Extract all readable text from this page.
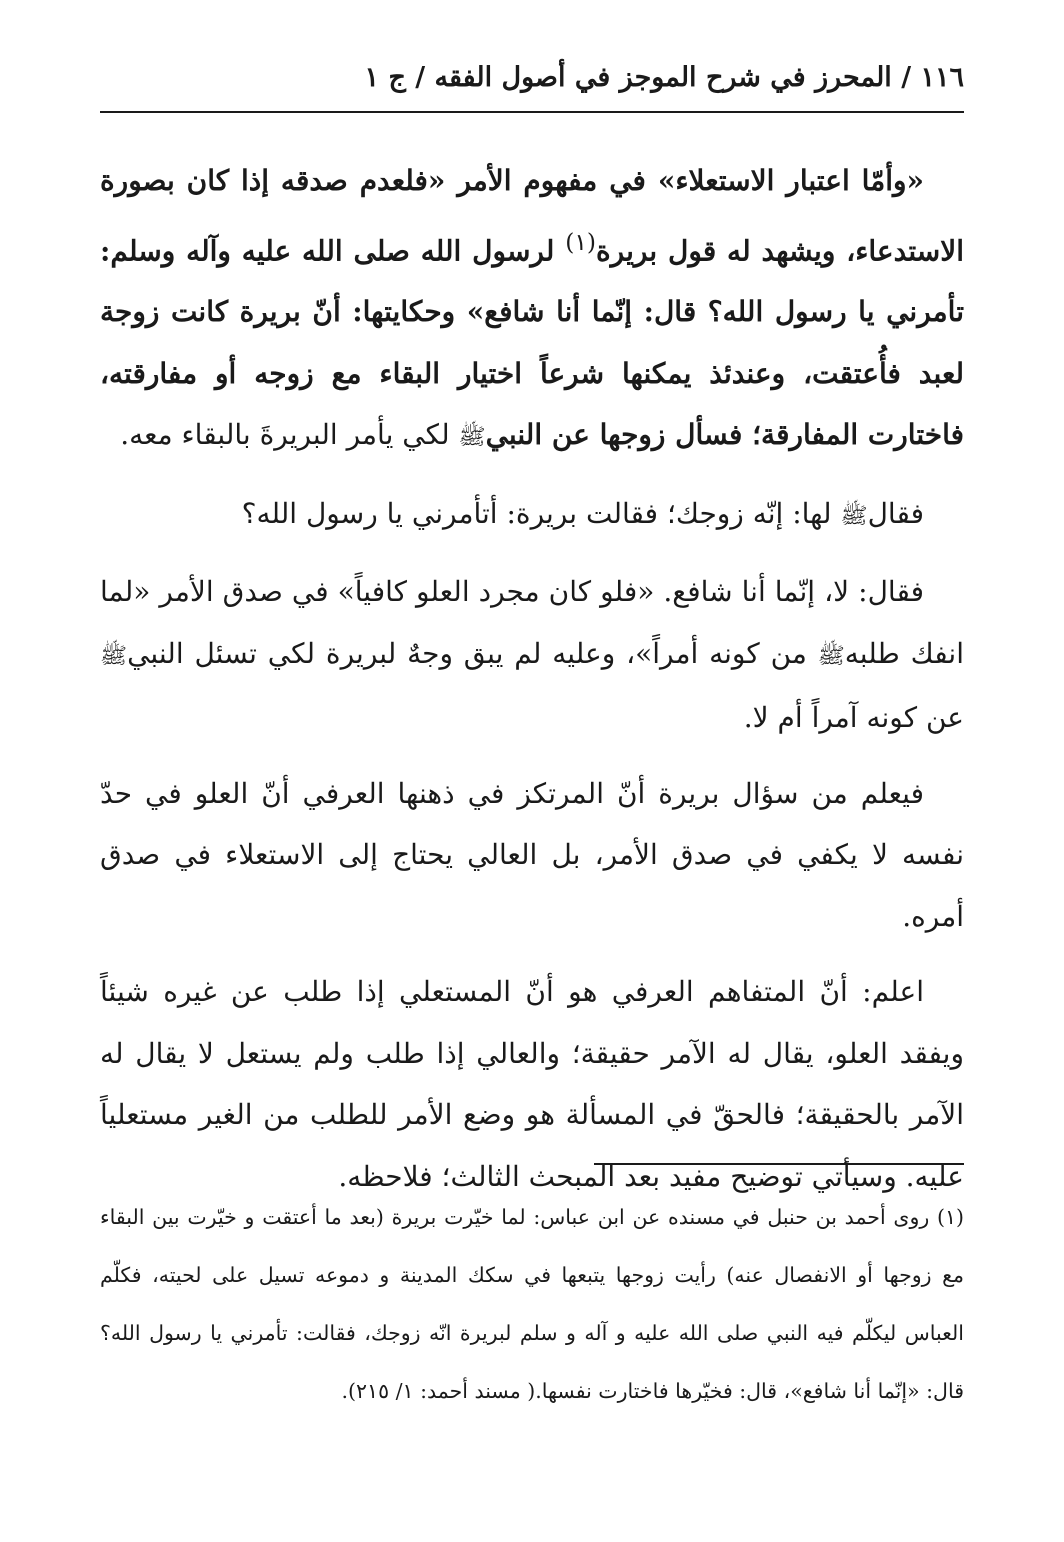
١١٦ / المحرز في شرح الموجز في أصول الفقه / ج ١

«وأمّا اعتبار الاستعلاء» في مفهوم الأمر «فلعدم صدقه إذا كان بصورة الاستدعاء، ويشهد له قول بريرة$^{(١)}$ لرسول الله صلى الله عليه وآله وسلم: تأمرني يا رسول الله؟ قال: إنّما أنا شافع» وحكايتها: أنّ بريرة كانت زوجة لعبد فأُعتقت، وعندئذ يمكنها شرعاً اختيار البقاء مع زوجه أو مفارقته، فاختارت المفارقة؛ فسأل زوجها عن النبيﷺ لكي يأمر البريرةَ بالبقاء معه.

فقالﷺ لها: إنّه زوجك؛ فقالت بريرة: أتأمرني يا رسول الله؟

فقال: لا، إنّما أنا شافع. «فلو كان مجرد العلو كافياً» في صدق الأمر «لما انفك طلبهﷺ من كونه أمراً»، وعليه لم يبق وجهٌ لبريرة لكي تسئل النبيﷺ عن كونه آمراً أم لا.

فيعلم من سؤال بريرة أنّ المرتكز في ذهنها العرفي أنّ العلو في حدّ نفسه لا يكفي في صدق الأمر، بل العالي يحتاج إلى الاستعلاء في صدق أمره.

اعلم: أنّ المتفاهم العرفي هو أنّ المستعلي إذا طلب عن غيره شيئاً ويفقد العلو، يقال له الآمر حقيقة؛ والعالي إذا طلب ولم يستعل لا يقال له الآمر بالحقيقة؛ فالحقّ في المسألة هو وضع الأمر للطلب من الغير مستعلياً عليه. وسيأتي توضيح مفيد بعد المبحث الثالث؛ فلاحظه.

(١) روى أحمد بن حنبل في مسنده عن ابن عباس: لما خيّرت بريرة (بعد ما أعتقت و خيّرت بين البقاء مع زوجها أو الانفصال عنه) رأيت زوجها يتبعها في سكك المدينة و دموعه تسيل على لحيته، فكلّم العباس ليكلّم فيه النبي صلى الله عليه و آله و سلم لبريرة انّه زوجك، فقالت: تأمرني يا رسول الله؟ قال: «إنّما أنا شافع»، قال: فخيّرها فاختارت نفسها.( مسند أحمد: ١/ ٢١٥).
